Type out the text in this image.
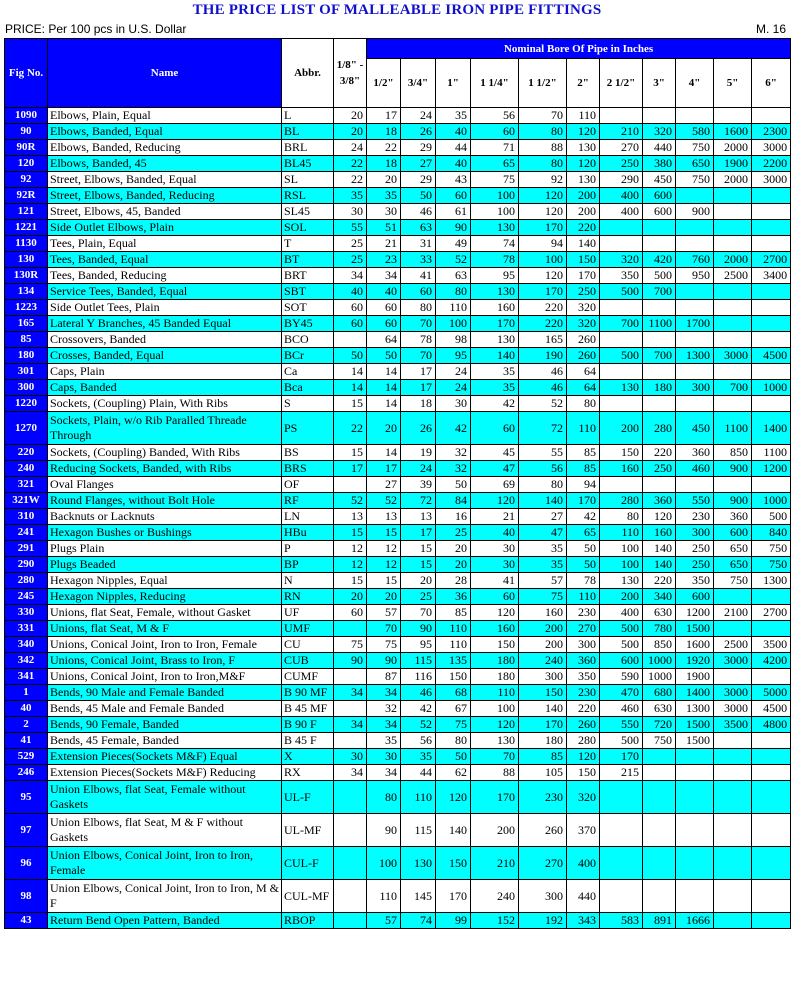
THE PRICE LIST OF MALLEABLE IRON PIPE FITTINGS
PRICE: Per 100 pcs in U.S. Dollar	M. 16
Fig No.	Name	Abbr.	1/8" - 3/8"	Nominal Bore Of Pipe in Inches										
				1/2"	3/4"	1"	1 1/4"	1 1/2"	2"	2 1/2"	3"	4"	5"	6"
1090	Elbows, Plain, Equal	L	20	17	24	35	56	70	110					
90	Elbows, Banded, Equal	BL	20	18	26	40	60	80	120	210	320	580	1600	2300
90R	Elbows, Banded, Reducing	BRL	24	22	29	44	71	88	130	270	440	750	2000	3000
120	Elbows, Banded, 45	BL45	22	18	27	40	65	80	120	250	380	650	1900	2200
92	Street, Elbows, Banded, Equal	SL	22	20	29	43	75	92	130	290	450	750	2000	3000
92R	Street, Elbows, Banded, Reducing	RSL	35	35	50	60	100	120	200	400	600			
121	Street, Elbows, 45, Banded	SL45	30	30	46	61	100	120	200	400	600	900		
1221	Side Outlet Elbows, Plain	SOL	55	51	63	90	130	170	220					
1130	Tees, Plain, Equal	T	25	21	31	49	74	94	140					
130	Tees, Banded, Equal	BT	25	23	33	52	78	100	150	320	420	760	2000	2700
130R	Tees, Banded, Reducing	BRT	34	34	41	63	95	120	170	350	500	950	2500	3400
134	Service Tees, Banded, Equal	SBT	40	40	60	80	130	170	250	500	700			
1223	Side Outlet Tees, Plain	SOT	60	60	80	110	160	220	320					
165	Lateral Y Branches, 45 Banded Equal	BY45	60	60	70	100	170	220	320	700	1100	1700		
85	Crossovers, Banded	BCO		64	78	98	130	165	260					
180	Crosses, Banded, Equal	BCr	50	50	70	95	140	190	260	500	700	1300	3000	4500
301	Caps, Plain	Ca	14	14	17	24	35	46	64					
300	Caps, Banded	Bca	14	14	17	24	35	46	64	130	180	300	700	1000
1220	Sockets, (Coupling) Plain, With Ribs	S	15	14	18	30	42	52	80					
1270	Sockets, Plain, w/o Rib Paralled Threade Through	PS	22	20	26	42	60	72	110	200	280	450	1100	1400
220	Sockets, (Coupling) Banded, With Ribs	BS	15	14	19	32	45	55	85	150	220	360	850	1100
240	Reducing Sockets, Banded, with Ribs	BRS	17	17	24	32	47	56	85	160	250	460	900	1200
321	Oval Flanges	OF		27	39	50	69	80	94					
321W	Round Flanges, without Bolt Hole	RF	52	52	72	84	120	140	170	280	360	550	900	1000
310	Backnuts or Lacknuts	LN	13	13	13	16	21	27	42	80	120	230	360	500
241	Hexagon Bushes or Bushings	HBu	15	15	17	25	40	47	65	110	160	300	600	840
291	Plugs Plain	P	12	12	15	20	30	35	50	100	140	250	650	750
290	Plugs Beaded	BP	12	12	15	20	30	35	50	100	140	250	650	750
280	Hexagon Nipples, Equal	N	15	15	20	28	41	57	78	130	220	350	750	1300
245	Hexagon Nipples, Reducing	RN	20	20	25	36	60	75	110	200	340	600		
330	Unions, flat Seat, Female, without Gasket	UF	60	57	70	85	120	160	230	400	630	1200	2100	2700
331	Unions, flat Seat, M & F	UMF		70	90	110	160	200	270	500	780	1500		
340	Unions, Conical Joint, Iron to Iron, Female	CU	75	75	95	110	150	200	300	500	850	1600	2500	3500
342	Unions, Conical Joint, Brass to Iron, F	CUB	90	90	115	135	180	240	360	600	1000	1920	3000	4200
341	Unions, Conical Joint, Iron to Iron,M&F	CUMF		87	116	150	180	300	350	590	1000	1900		
1	Bends, 90 Male and Female Banded	B 90 MF	34	34	46	68	110	150	230	470	680	1400	3000	5000
40	Bends, 45 Male and Female Banded	B 45 MF		32	42	67	100	140	220	460	630	1300	3000	4500
2	Bends, 90 Female, Banded	B 90 F	34	34	52	75	120	170	260	550	720	1500	3500	4800
41	Bends, 45 Female, Banded	B 45 F		35	56	80	130	180	280	500	750	1500		
529	Extension Pieces(Sockets M&F) Equal	X	30	30	35	50	70	85	120	170				
246	Extension Pieces(Sockets M&F) Reducing	RX	34	34	44	62	88	105	150	215				
95	Union Elbows, flat Seat, Female without Gaskets	UL-F		80	110	120	170	230	320					
97	Union Elbows, flat Seat, M & F without Gaskets	UL-MF		90	115	140	200	260	370					
96	Union Elbows, Conical Joint, Iron to Iron, Female	CUL-F		100	130	150	210	270	400					
98	Union Elbows, Conical Joint, Iron to Iron, M & F	CUL-MF		110	145	170	240	300	440					
43	Return Bend Open Pattern, Banded	RBOP		57	74	99	152	192	343	583	891	1666		
